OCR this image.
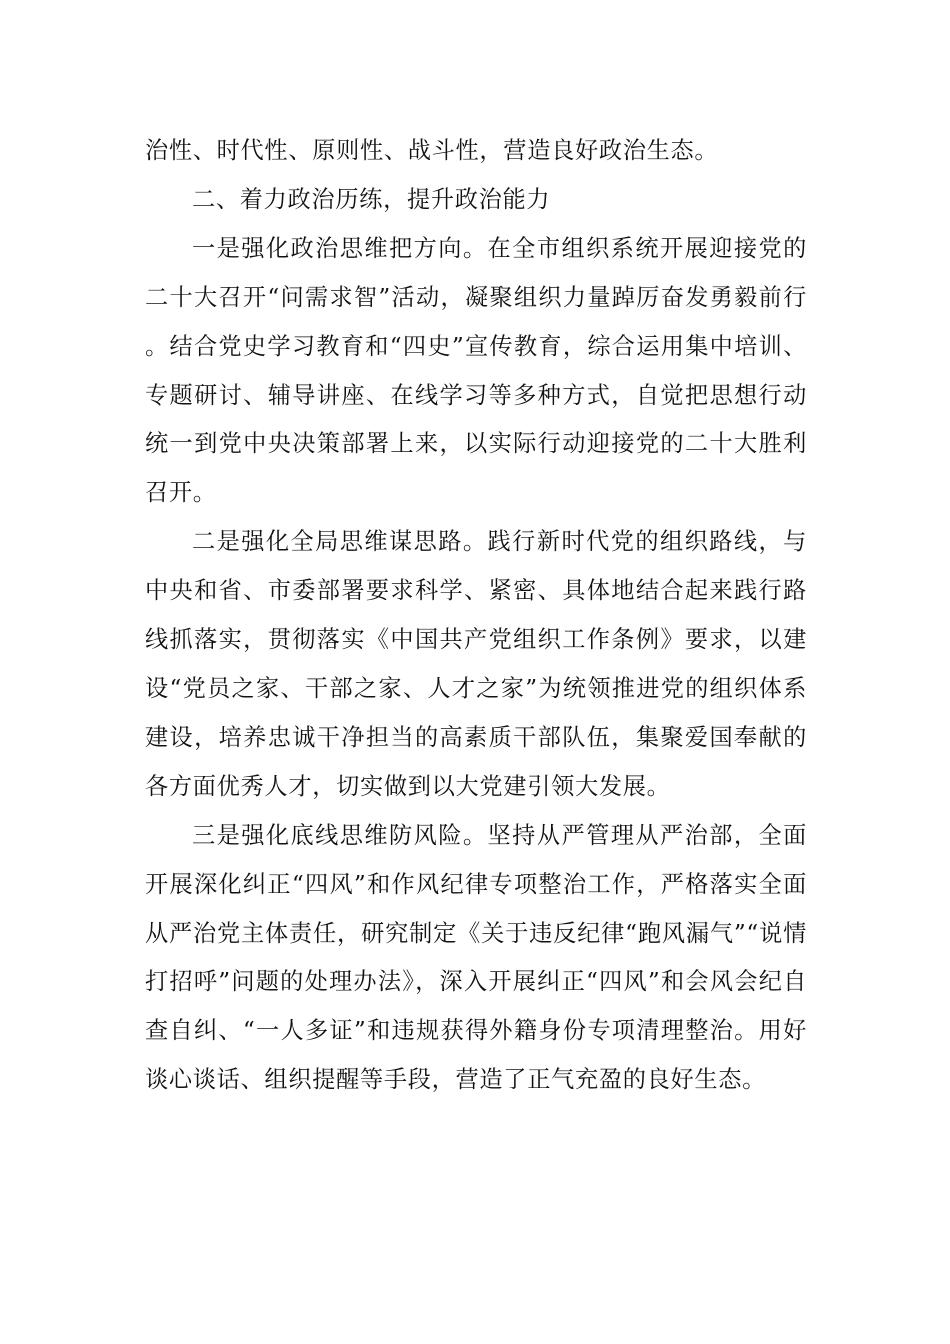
治性、时代性、原则性、战斗性，营造良好政治生态。

二、着力政治历练，提升政治能力

一是强化政治思维把方向。在全市组织系统开展迎接党的二十大召开“问需求智”活动，凝聚组织力量踔厉奋发勇毅前行。结合党史学习教育和“四史”宣传教育，综合运用集中培训、专题研讨、辅导讲座、在线学习等多种方式，自觉把思想行动统一到党中央决策部署上来，以实际行动迎接党的二十大胜利召开。

二是强化全局思维谋思路。践行新时代党的组织路线，与中央和省、市委部署要求科学、紧密、具体地结合起来践行路线抓落实，贯彻落实《中国共产党组织工作条例》要求，以建设“党员之家、干部之家、人才之家”为统领推进党的组织体系建设，培养忠诚干净担当的高素质干部队伍，集聚爱国奉献的各方面优秀人才，切实做到以大党建引领大发展。

三是强化底线思维防风险。坚持从严管理从严治部，全面开展深化纠正“四风”和作风纪律专项整治工作，严格落实全面从严治党主体责任，研究制定《关于违反纪律“跑风漏气”“说情打招呼”问题的处理办法》，深入开展纠正“四风”和会风会纪自查自纠、“一人多证”和违规获得外籍身份专项清理整治。用好谈心谈话、组织提醒等手段，营造了正气充盈的良好生态。
